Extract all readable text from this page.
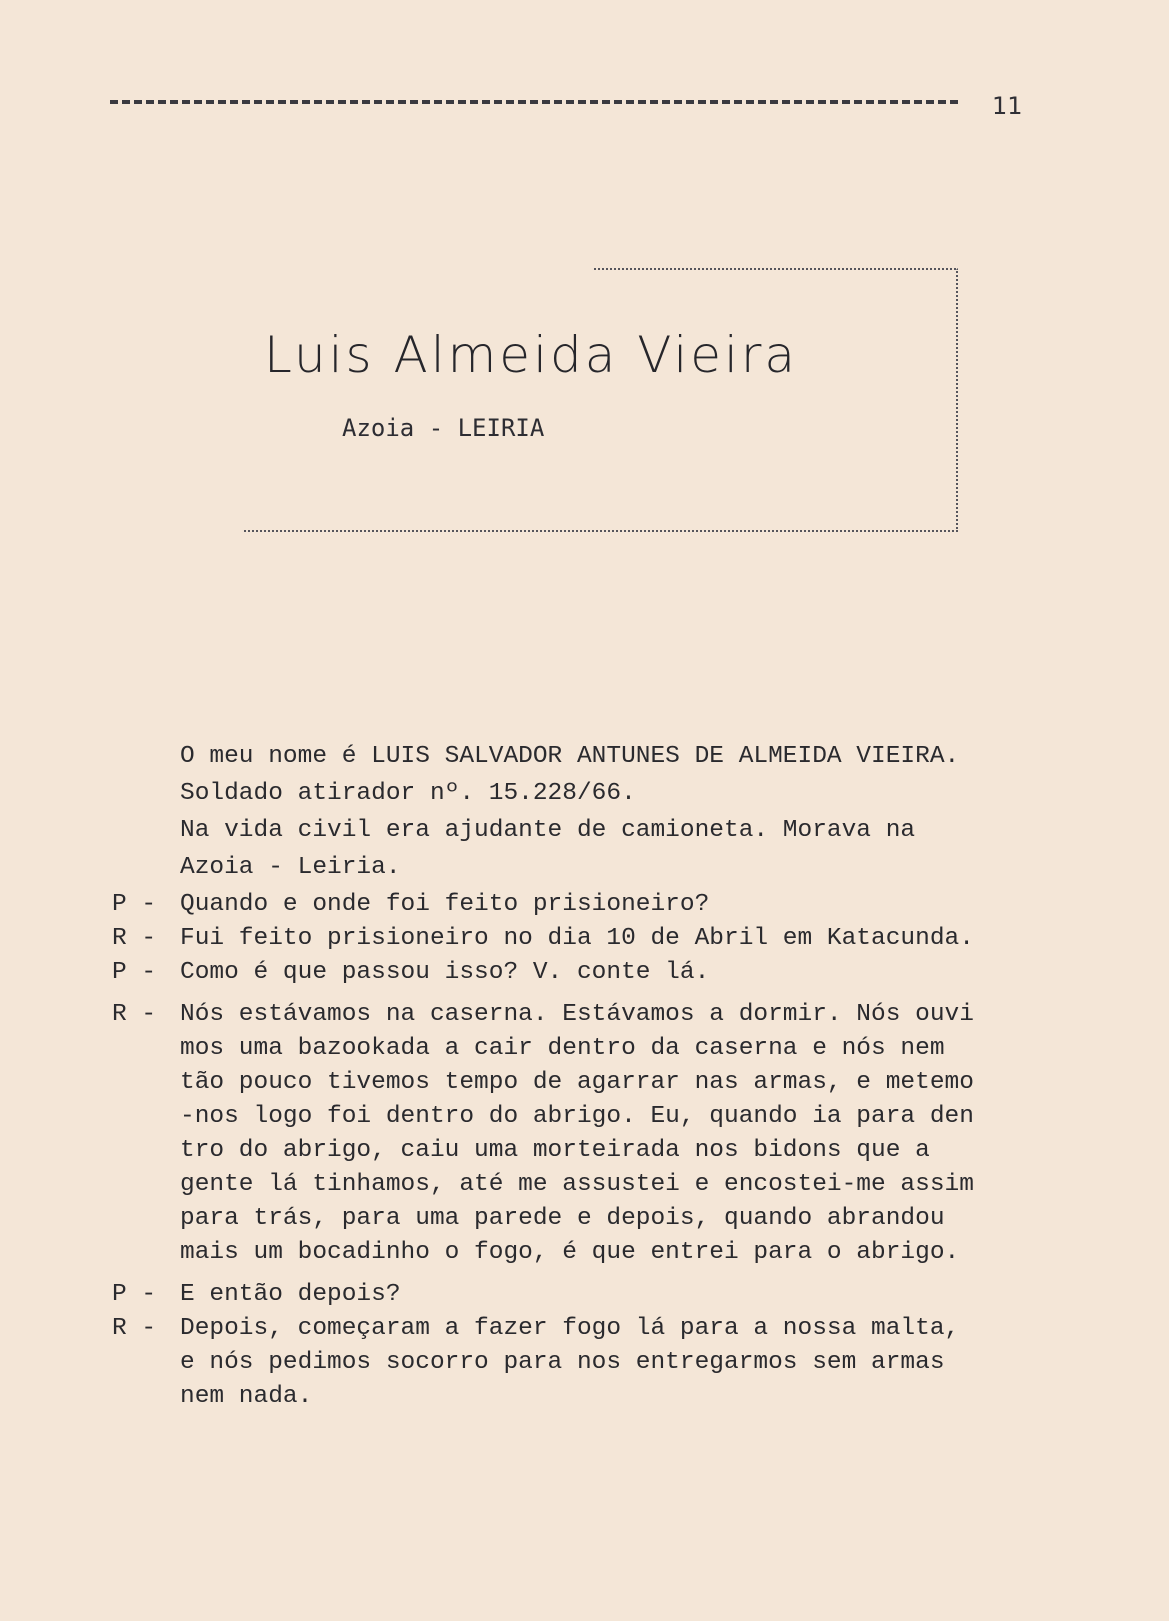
11
Luis Almeida Vieira
Azoia - LEIRIA
O meu nome é LUIS SALVADOR ANTUNES DE ALMEIDA VIEIRA.
Soldado atirador nº. 15.228/66.
Na vida civil era ajudante de camioneta. Morava na
Azoia - Leiria.
P - Quando e onde foi feito prisioneiro?
R - Fui feito prisioneiro no dia 10 de Abril em Katacunda.
P - Como é que passou isso? V. conte lá.
R - Nós estávamos na caserna. Estávamos a dormir. Nós ouvi
mos uma bazookada a cair dentro da caserna e nós nem
tão pouco tivemos tempo de agarrar nas armas, e metemo
-nos logo foi dentro do abrigo. Eu, quando ia para den
tro do abrigo, caiu uma morteirada nos bidons que a
gente lá tinhamos, até me assustei e encostei-me assim
para trás, para uma parede e depois, quando abrandou
mais um bocadinho o fogo, é que entrei para o abrigo.
P - E então depois?
R - Depois, começaram a fazer fogo lá para a nossa malta,
e nós pedimos socorro para nos entregarmos sem armas
nem nada.
